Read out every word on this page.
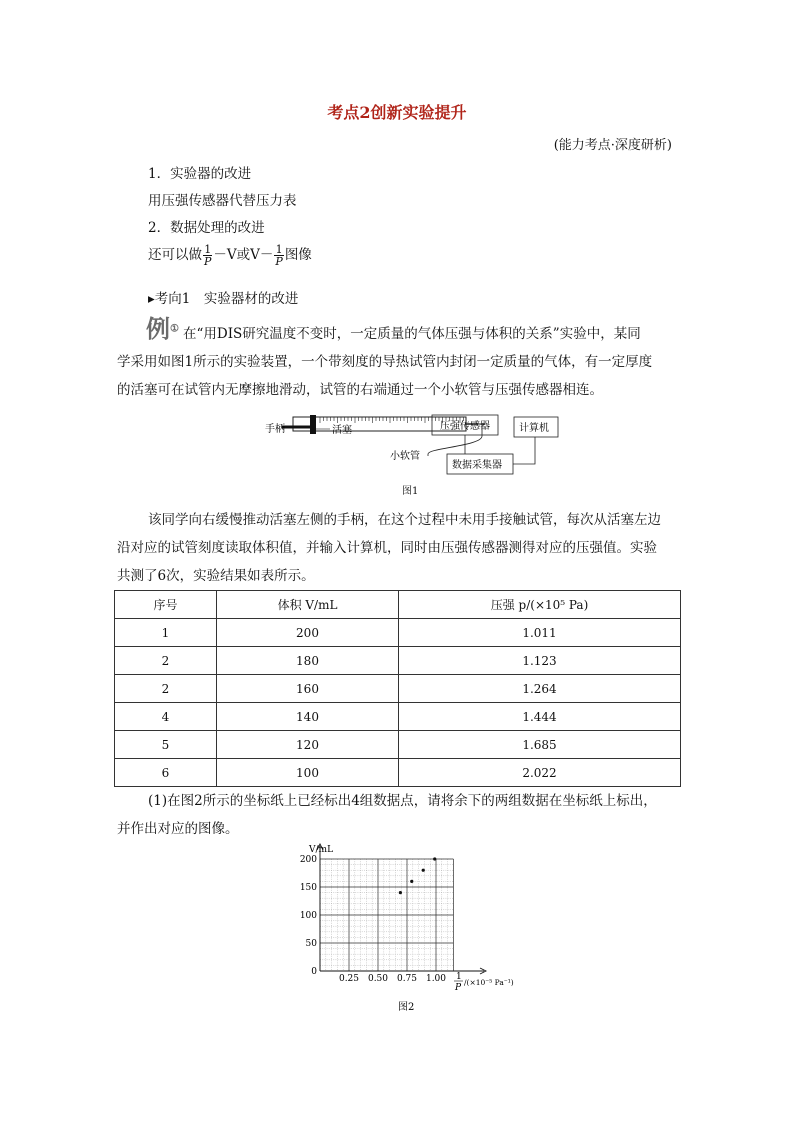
考点2创新实验提升
(能力考点·深度研析)
1．实验器的改进
用压强传感器代替压力表
2．数据处理的改进
还可以做 $\frac{1}{P} -V$或$V- \frac{1}{P}$ 图像
▸考向1　实验器材的改进
例① 在“用DIS研究温度不变时，一定质量的气体压强与体积的关系”实验中，某同
学采用如图1所示的实验装置，一个带刻度的导热试管内封闭一定质量的气体，有一定厚度
的活塞可在试管内无摩擦地滑动，试管的右端通过一个小软管与压强传感器相连。
手柄	活塞	压强传感器	计算机
小软管
数据采集器
图1
该同学向右缓慢推动活塞左侧的手柄，在这个过程中未用手接触试管，每次从活塞左边
沿对应的试管刻度读取体积值，并输入计算机，同时由压强传感器测得对应的压强值。实验
共测了6次，实验结果如表所示。
序号	体积 V/mL	压强 p/(×10⁵ Pa)
1	200	1.011
2	180	1.123
2	160	1.264
4	140	1.444
5	120	1.685
6	100	2.022
(1)在图2所示的坐标纸上已经标出4组数据点，请将余下的两组数据在坐标纸上标出，
并作出对应的图像。
0
50
100
150
200
0.25 0.50 0.75 1.00
V/mL
1
P
/(×10⁻⁵ Pa⁻¹)
图2
